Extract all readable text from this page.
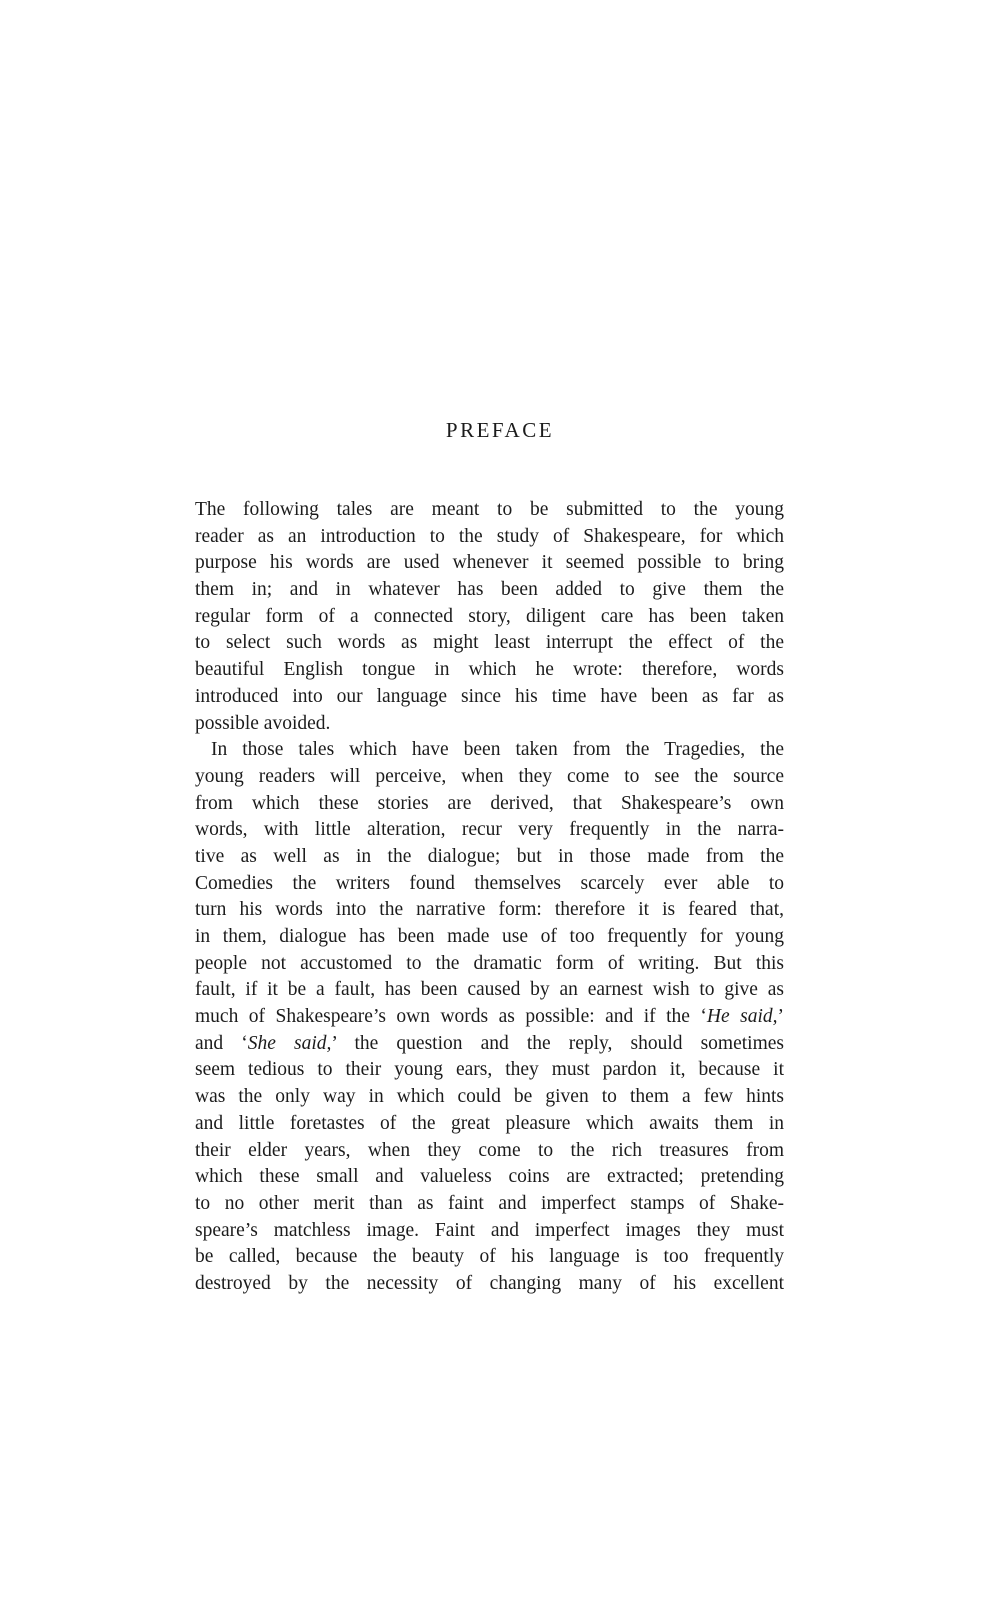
PREFACE
The following tales are meant to be submitted to the young
reader as an introduction to the study of Shakespeare, for which
purpose his words are used whenever it seemed possible to bring
them in; and in whatever has been added to give them the
regular form of a connected story, diligent care has been taken
to select such words as might least interrupt the effect of the
beautiful English tongue in which he wrote: therefore, words
introduced into our language since his time have been as far as
possible avoided.
In those tales which have been taken from the Tragedies, the
young readers will perceive, when they come to see the source
from which these stories are derived, that Shakespeare’s own
words, with little alteration, recur very frequently in the narra-
tive as well as in the dialogue; but in those made from the
Comedies the writers found themselves scarcely ever able to
turn his words into the narrative form: therefore it is feared that,
in them, dialogue has been made use of too frequently for young
people not accustomed to the dramatic form of writing. But this
fault, if it be a fault, has been caused by an earnest wish to give as
much of Shakespeare’s own words as possible: and if the ‘He said,’
and ‘She said,’ the question and the reply, should sometimes
seem tedious to their young ears, they must pardon it, because it
was the only way in which could be given to them a few hints
and little foretastes of the great pleasure which awaits them in
their elder years, when they come to the rich treasures from
which these small and valueless coins are extracted; pretending
to no other merit than as faint and imperfect stamps of Shake-
speare’s matchless image. Faint and imperfect images they must
be called, because the beauty of his language is too frequently
destroyed by the necessity of changing many of his excellent
